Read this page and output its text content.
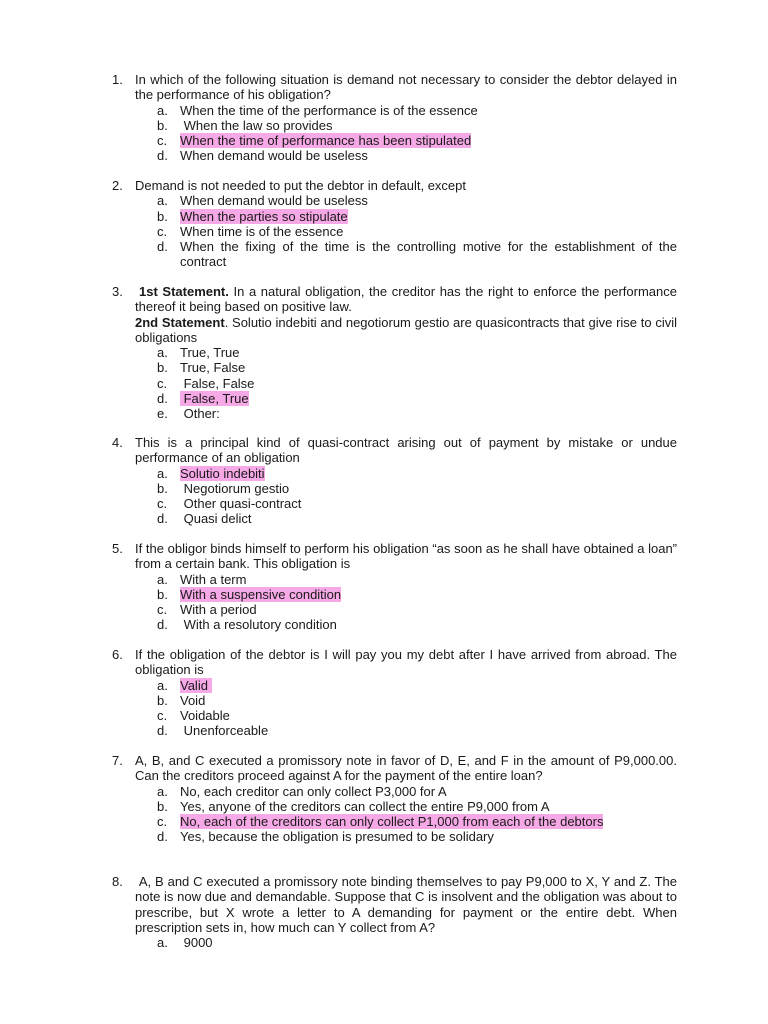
1. In which of the following situation is demand not necessary to consider the debtor delayed in the performance of his obligation?
a. When the time of the performance is of the essence
b. When the law so provides
c. When the time of performance has been stipulated
d. When demand would be useless
2. Demand is not needed to put the debtor in default, except
a. When demand would be useless
b. When the parties so stipulate
c. When time is of the essence
d. When the fixing of the time is the controlling motive for the establishment of the contract
3.	1st Statement. In a natural obligation, the creditor has the right to enforce the performance thereof it being based on positive law.
2nd Statement. Solutio indebiti and negotiorum gestio are quasicontracts that give rise to civil obligations
a. True, True
b. True, False
c. False, False
d. False, True
e. Other:
4. This is a principal kind of quasi-contract arising out of payment by mistake or undue performance of an obligation
a. Solutio indebiti
b. Negotiorum gestio
c. Other quasi-contract
d. Quasi delict
5. If the obligor binds himself to perform his obligation “as soon as he shall have obtained a loan” from a certain bank. This obligation is
a. With a term
b. With a suspensive condition
c. With a period
d. With a resolutory condition
6. If the obligation of the debtor is I will pay you my debt after I have arrived from abroad. The obligation is
a. Valid
b. Void
c. Voidable
d. Unenforceable
7. A, B, and C executed a promissory note in favor of D, E, and F in the amount of P9,000.00. Can the creditors proceed against A for the payment of the entire loan?
a. No, each creditor can only collect P3,000 for A
b. Yes, anyone of the creditors can collect the entire P9,000 from A
c. No, each of the creditors can only collect P1,000 from each of the debtors
d. Yes, because the obligation is presumed to be solidary
8. A, B and C executed a promissory note binding themselves to pay P9,000 to X, Y and Z. The note is now due and demandable. Suppose that C is insolvent and the obligation was about to prescribe, but X wrote a letter to A demanding for payment or the entire debt. When prescription sets in, how much can Y collect from A?
a. 9000
